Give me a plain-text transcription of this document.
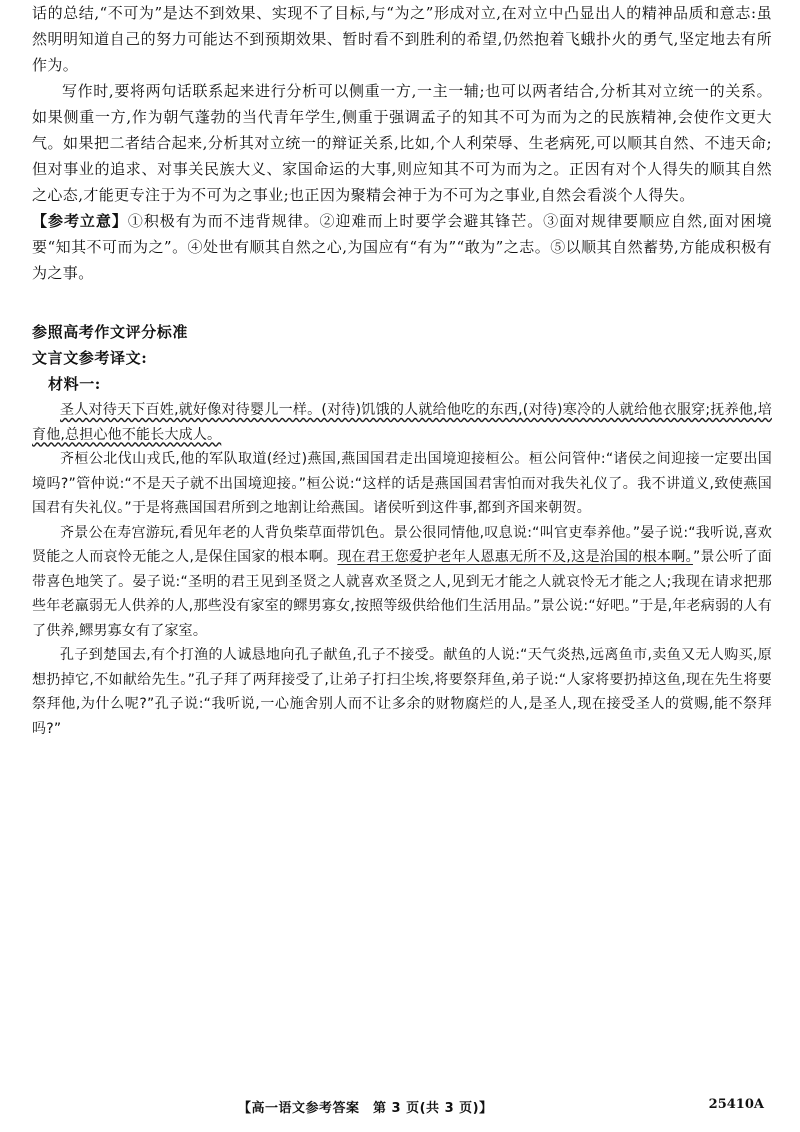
话的总结,“不可为”是达不到效果、实现不了目标,与“为之”形成对立,在对立中凸显出人的精神品质和意志:虽然明明知道自己的努力可能达不到预期效果、暂时看不到胜利的希望,仍然抱着飞蛾扑火的勇气,坚定地去有所作为。

写作时,要将两句话联系起来进行分析可以侧重一方,一主一辅;也可以两者结合,分析其对立统一的关系。如果侧重一方,作为朝气蓬勃的当代青年学生,侧重于强调孟子的知其不可为而为之的民族精神,会使作文更大气。如果把二者结合起来,分析其对立统一的辩证关系,比如,个人利荣辱、生老病死,可以顺其自然、不违天命;但对事业的追求、对事关民族大义、家国命运的大事,则应知其不可为而为之。正因有对个人得失的顺其自然之心态,才能更专注于为不可为之事业;也正因为聚精会神于为不可为之事业,自然会看淡个人得失。

【参考立意】①积极有为而不违背规律。②迎难而上时要学会避其锋芒。③面对规律要顺应自然,面对困境要“知其不可而为之”。④处世有顺其自然之心,为国应有“有为”“敢为”之志。⑤以顺其自然蓄势,方能成积极有为之事。

参照高考作文评分标准

文言文参考译文:

材料一:

圣人对待天下百姓,就好像对待婴儿一样。(对待)饥饿的人就给他吃的东西,(对待)寒冷的人就给他衣服穿;抚养他,培育他,总担心他不能长大成人。

齐桓公北伐山戎氏,他的军队取道(经过)燕国,燕国国君走出国境迎接桓公。桓公问管仲:“诸侯之间迎接一定要出国境吗?”管仲说:“不是天子就不出国境迎接。”桓公说:“这样的话是燕国国君害怕而对我失礼仪了。我不讲道义,致使燕国国君有失礼仪。”于是将燕国国君所到之地割让给燕国。诸侯听到这件事,都到齐国来朝贺。

齐景公在寿宫游玩,看见年老的人背负柴草面带饥色。景公很同情他,叹息说:“叫官吏奉养他。”晏子说:“我听说,喜欢贤能之人而哀怜无能之人,是保住国家的根本啊。现在君王您爱护老年人恩惠无所不及,这是治国的根本啊。”景公听了面带喜色地笑了。晏子说:“圣明的君王见到圣贤之人就喜欢圣贤之人,见到无才能之人就哀怜无才能之人;我现在请求把那些年老羸弱无人供养的人,那些没有家室的鳏男寡女,按照等级供给他们生活用品。”景公说:“好吧。”于是,年老病弱的人有了供养,鳏男寡女有了家室。

孔子到楚国去,有个打渔的人诚恳地向孔子献鱼,孔子不接受。献鱼的人说:“天气炎热,远离鱼市,卖鱼又无人购买,原想扔掉它,不如献给先生。”孔子拜了两拜接受了,让弟子打扫尘埃,将要祭拜鱼,弟子说:“人家将要扔掉这鱼,现在先生将要祭拜他,为什么呢?”孔子说:“我听说,一心施舍别人而不让多余的财物腐烂的人,是圣人,现在接受圣人的赏赐,能不祭拜吗?”

【高一语文参考答案　第 3 页(共 3 页)】	25410A
